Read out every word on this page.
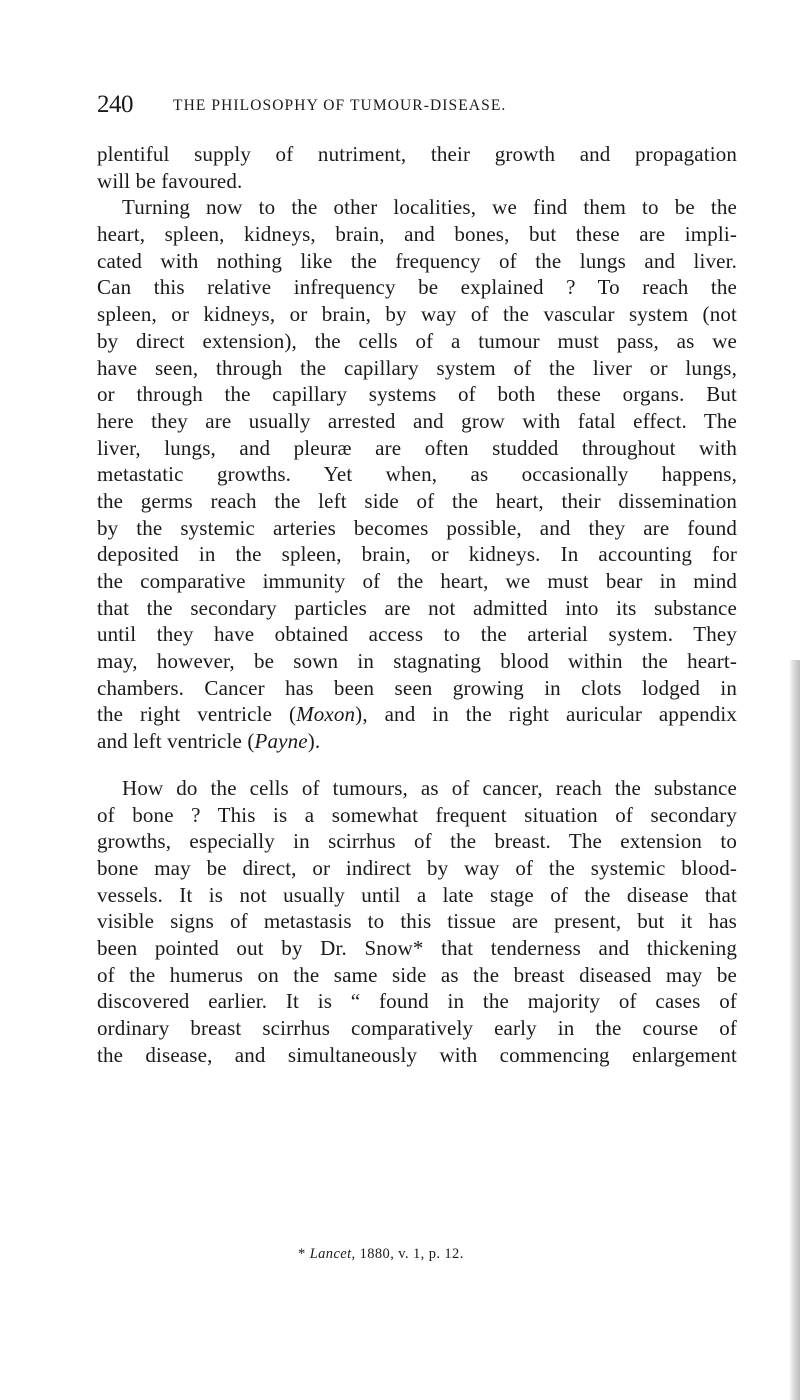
240	THE PHILOSOPHY OF TUMOUR-DISEASE.
plentiful supply of nutriment, their growth and propagation
will be favoured.
Turning now to the other localities, we find them to be the
heart, spleen, kidneys, brain, and bones, but these are impli-
cated with nothing like the frequency of the lungs and liver.
Can this relative infrequency be explained ? To reach the
spleen, or kidneys, or brain, by way of the vascular system (not
by direct extension), the cells of a tumour must pass, as we
have seen, through the capillary system of the liver or lungs,
or through the capillary systems of both these organs. But
here they are usually arrested and grow with fatal effect. The
liver, lungs, and pleuræ are often studded throughout with
metastatic growths. Yet when, as occasionally happens,
the germs reach the left side of the heart, their dissemination
by the systemic arteries becomes possible, and they are found
deposited in the spleen, brain, or kidneys. In accounting for
the comparative immunity of the heart, we must bear in mind
that the secondary particles are not admitted into its substance
until they have obtained access to the arterial system. They
may, however, be sown in stagnating blood within the heart-
chambers. Cancer has been seen growing in clots lodged in
the right ventricle (Moxon), and in the right auricular appendix
and left ventricle (Payne).
How do the cells of tumours, as of cancer, reach the substance
of bone ? This is a somewhat frequent situation of secondary
growths, especially in scirrhus of the breast. The extension to
bone may be direct, or indirect by way of the systemic blood-
vessels. It is not usually until a late stage of the disease that
visible signs of metastasis to this tissue are present, but it has
been pointed out by Dr. Snow* that tenderness and thickening
of the humerus on the same side as the breast diseased may be
discovered earlier. It is “ found in the majority of cases of
ordinary breast scirrhus comparatively early in the course of
the disease, and simultaneously with commencing enlargement
* Lancet, 1880, v. 1, p. 12.
